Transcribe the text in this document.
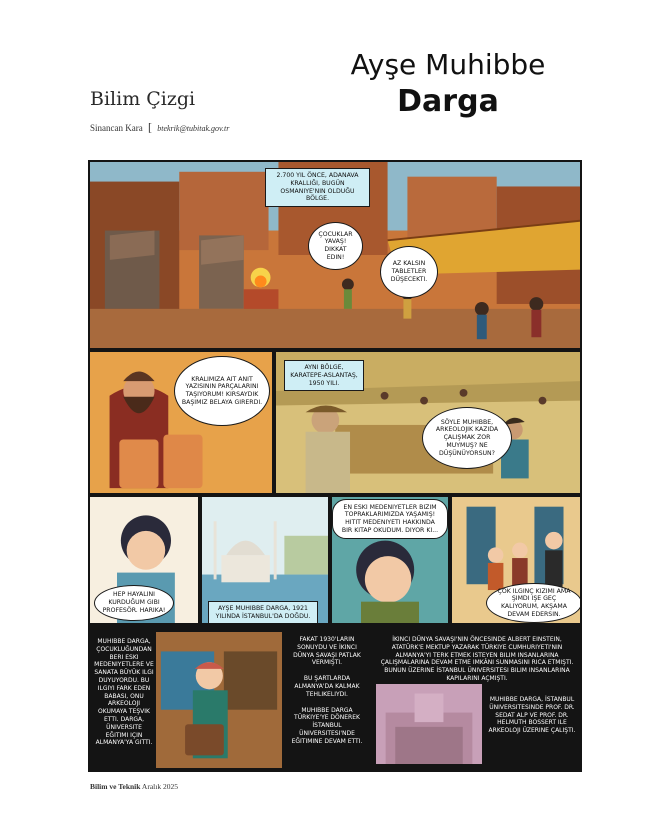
Bilim Çizgi
Sinancan Kara [ btekrik@tubitak.gov.tr
Ayşe Muhibbe
Darga
2.700 YIL ÖNCE, ADANAVA KRALLIĞI, BUGÜN OSMANIYE'NIN OLDUĞU BÖLGE.
ÇOCUKLAR YAVAŞ! DIKKAT EDIN!
AZ KALSIN TABLETLER DÜŞECEKTI.
KRALIMIZA AIT ANIT YAZISININ PARÇALARINI TAŞIYORUM! KIRSAYDIK BAŞIMIZ BELAYA GIRERDI.
AYNI BÖLGE, KARATEPE-ASLANTAŞ, 1950 YILI.
SÖYLE MUHIBBE, ARKEOLOJIK KAZIDA ÇALIŞMAK ZOR MUYMUŞ? NE DÜŞÜNÜYORSUN?
HEP HAYALINI KURDUĞUM GIBI PROFESÖR. HARIKA!	AYŞE MUHIBBE DARGA, 1921 YILINDA İSTANBUL'DA DOĞDU.
EN ESKI MEDENIYETLER BIZIM TOPRAKLARIMIZDA YAŞAMIŞ! HITIT MEDENIYETI HAKKINDA BIR KITAP OKUDUM. DIYOR KI...
ÇOK ILGINÇ KIZIMI AMA ŞIMDI IŞE GEÇ KALIYORUM, AKŞAMA DEVAM EDERSIN.
MUHIBBE DARGA, ÇOCUKLUĞUNDAN BERI ESKI MEDENIYETLERE VE SANATA BÜYÜK ILGI DUYUYORDU. BU ILGIYI FARK EDEN BABASI, ONU ARKEOLOJI OKUMAYA TEŞVIK ETTI. DARGA, ÜNIVERSITE EĞITIMI IÇIN ALMANYA'YA GITTI.
FAKAT 1930'LARIN SONUYDU VE İKINCI DÜNYA SAVAŞI PATLAK VERMIŞTI.
BU ŞARTLARDA ALMANYA'DA KALMAK TEHLIKELIYDI.
MUHIBBE DARGA TÜRKIYE'YE DÖNEREK İSTANBUL ÜNIVERSITESI'NDE EĞITIMINE DEVAM ETTI.
İKINCI DÜNYA SAVAŞI'NIN ÖNCESINDE ALBERT EINSTEIN, ATATÜRK'E MEKTUP YAZARAK TÜRKIYE CUMHURIYETI'NIN ALMANYA'YI TERK ETMEK ISTEYEN BILIM INSANLARINA ÇALIŞMALARINA DEVAM ETME IMKÂNI SUNMASINI RICA ETMIŞTI. BUNUN ÜZERINE İSTANBUL ÜNIVERSITESI BILIM INSANLARINA KAPILARINI AÇMIŞTI.
MUHIBBE DARGA, İSTANBUL ÜNIVERSITESINDE PROF. DR. SEDAT ALP VE PROF. DR. HELMUTH BOSSERT ILE ARKEOLOJI ÜZERINE ÇALIŞTI.
Bilim ve Teknik Aralık 2025
